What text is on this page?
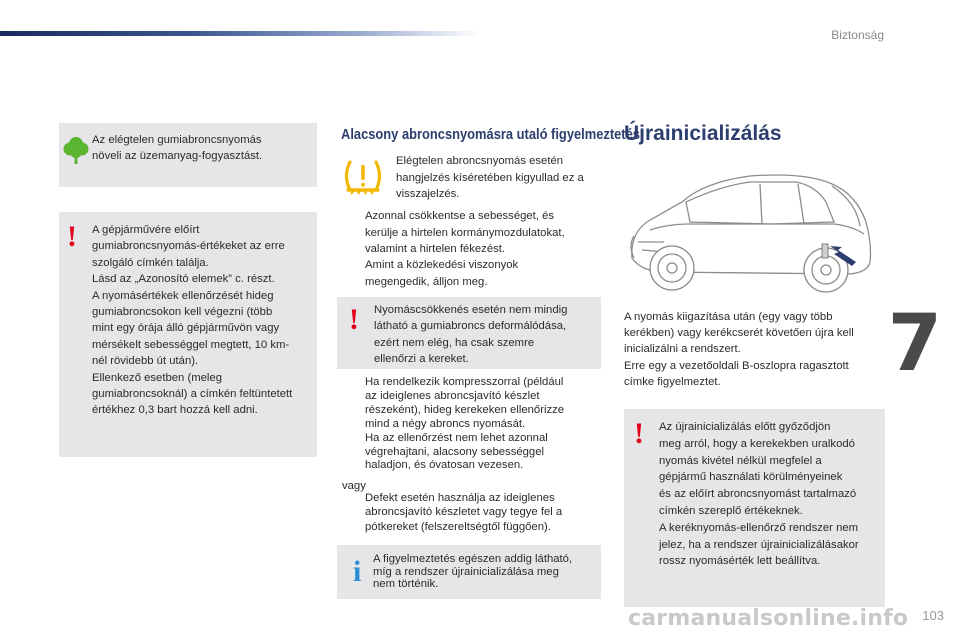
Biztonság
7
103

Az elégtelen gumiabroncsnyomás növeli az üzemanyag-fogyasztást.

! A gépjárművére előírt
gumiabroncsnyomás-értékeket az erre
szolgáló címkén találja.
Lásd az „Azonosító elemek” c. részt.
A nyomásértékek ellenőrzését hideg
gumiabroncsokon kell végezni (több
mint egy órája álló gépjárművön vagy
mérsékelt sebességgel megtett, 10 km-
nél rövidebb út után).
Ellenkező esetben (meleg
gumiabroncsoknál) a címkén feltüntetett
értékhez 0,3 bart hozzá kell adni.
Alacsony abroncsnyomásra utaló figyelmeztetés
Elégtelen abroncsnyomás esetén
hangjelzés kíséretében kigyullad ez a
visszajelzés.
Azonnal csökkentse a sebességet, és
kerülje a hirtelen kormánymozdulatokat,
valamint a hirtelen fékezést.
Amint a közlekedési viszonyok
megengedik, álljon meg.
! Nyomáscsökkenés esetén nem mindig
látható a gumiabroncs deformálódása,
ezért nem elég, ha csak szemre
ellenőrzi a kereket.
Ha rendelkezik kompresszorral (például
az ideiglenes abroncsjavító készlet
részeként), hideg kerekeken ellenőrizze
mind a négy abroncs nyomását.
Ha az ellenőrzést nem lehet azonnal
végrehajtani, alacsony sebességgel
haladjon, és óvatosan vezesen.
vagy
Defekt esetén használja az ideiglenes
abroncsjavító készletet vagy tegye fel a
pótkereket (felszereltségtől függően).
i A figyelmeztetés egészen addig látható,
míg a rendszer újrainicializálása meg
nem történik.
Újrainicializálás
A nyomás kiigazítása után (egy vagy több
kerékben) vagy kerékcserét követően újra kell
inicializálni a rendszert.
Erre egy a vezetőoldali B-oszlopra ragasztott
címke figyelmeztet.
! Az újrainicializálás előtt győződjön
meg arról, hogy a kerekekben uralkodó
nyomás kivétel nélkül megfelel a
gépjármű használati körülményeinek
és az előírt abroncsnyomást tartalmazó
címkén szereplő értékeknek.
A keréknyomás-ellenőrző rendszer nem
jelez, ha a rendszer újrainicializálásakor
rossz nyomásérték lett beállítva.
carmanualsonline.info
